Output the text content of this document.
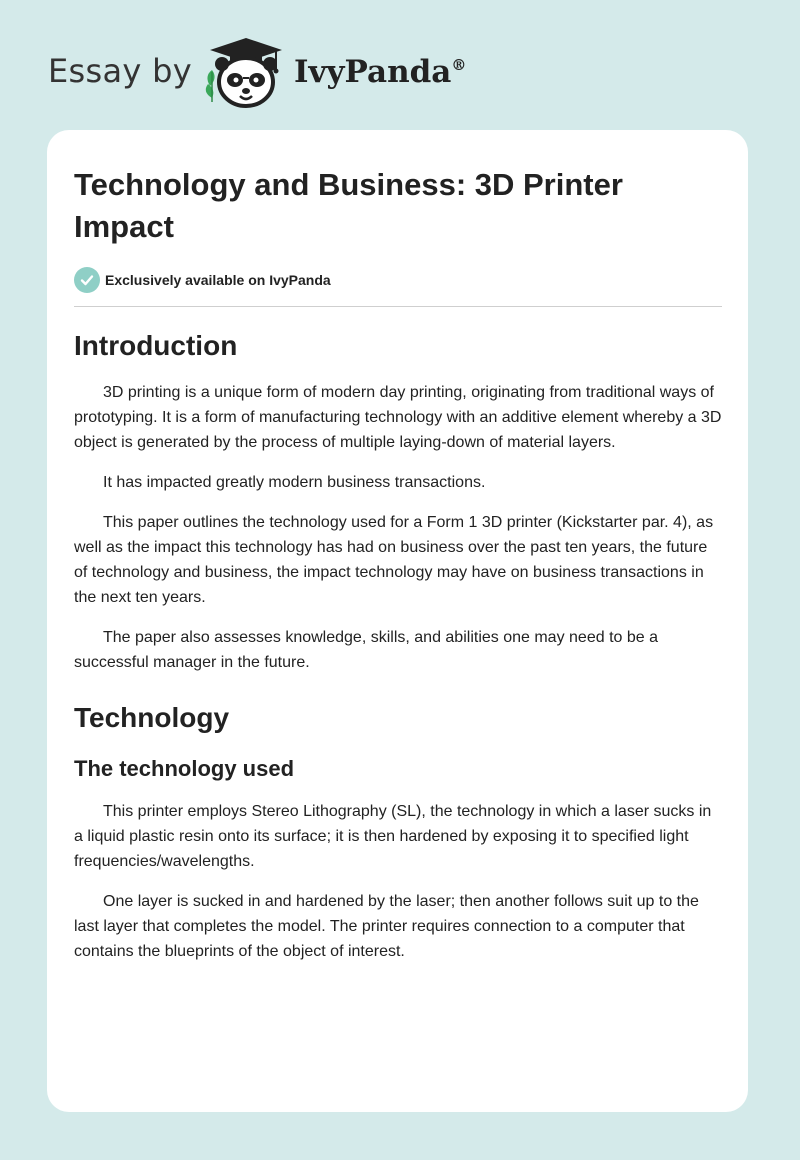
Essay by	IvyPanda®
Technology and Business: 3D Printer Impact
Exclusively available on IvyPanda
Introduction

3D printing is a unique form of modern day printing, originating from traditional ways of prototyping. It is a form of manufacturing technology with an additive element whereby a 3D object is generated by the process of multiple laying-down of material layers.

It has impacted greatly modern business transactions.

This paper outlines the technology used for a Form 1 3D printer (Kickstarter par. 4), as well as the impact this technology has had on business over the past ten years, the future of technology and business, the impact technology may have on business transactions in the next ten years.

The paper also assesses knowledge, skills, and abilities one may need to be a successful manager in the future.

Technology
The technology used

This printer employs Stereo Lithography (SL), the technology in which a laser sucks in a liquid plastic resin onto its surface; it is then hardened by exposing it to specified light frequencies/wavelengths.

One layer is sucked in and hardened by the laser; then another follows suit up to the last layer that completes the model. The printer requires connection to a computer that contains the blueprints of the object of interest.
